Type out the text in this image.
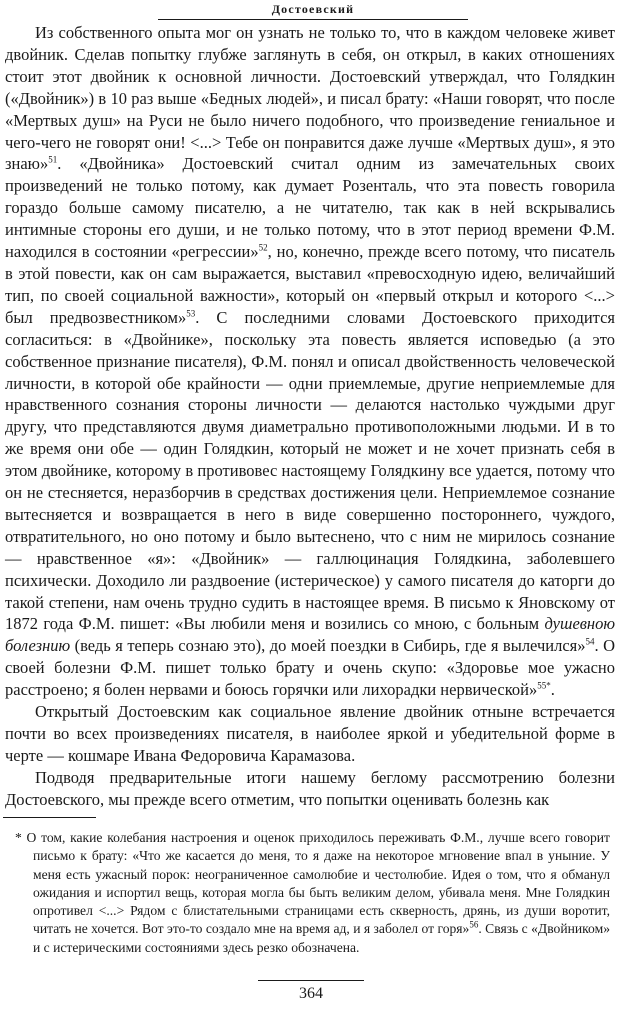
Достоевский

Из собственного опыта мог он узнать не только то, что в каждом человеке живет двойник. Сделав попытку глубже заглянуть в себя, он открыл, в каких отношениях стоит этот двойник к основной личности. Достоевский утверждал, что Голядкин («Двойник») в 10 раз выше «Бедных людей», и писал брату: «Наши говорят, что после «Мертвых душ» на Руси не было ничего подобного, что произведение гениальное и чего-чего не говорят они! <...> Тебе он понравится даже лучше «Мертвых душ», я это знаю»$^{51}$. «Двойника» Достоевский считал одним из замечательных своих произведений не только потому, как думает Розенталь, что эта повесть говорила гораздо больше самому писателю, а не читателю, так как в ней вскрывались интимные стороны его души, и не только потому, что в этот период времени Ф.М. находился в состоянии «регрессии»$^{52}$, но, конечно, прежде всего потому, что писатель в этой повести, как он сам выражается, выставил «превосходную идею, величайший тип, по своей социальной важности», который он «первый открыл и которого <...> был предвозвестником»$^{53}$. С последними словами Достоевского приходится согласиться: в «Двойнике», поскольку эта повесть является исповедью (а это собственное признание писателя), Ф.М. понял и описал двойственность человеческой личности, в которой обе крайности — одни приемлемые, другие неприемлемые для нравственного сознания стороны личности — делаются настолько чуждыми друг другу, что представляются двумя диаметрально противоположными людьми. И в то же время они обе — один Голядкин, который не может и не хочет признать себя в этом двойнике, которому в противовес настоящему Голядкину все удается, потому что он не стесняется, неразборчив в средствах достижения цели. Неприемлемое сознание вытесняется и возвращается в него в виде совершенно постороннего, чуждого, отвратительного, но оно потому и было вытеснено, что с ним не мирилось сознание — нравственное «я»: «Двойник» — галлюцинация Голядкина, заболевшего психически. Доходило ли раздвоение (истерическое) у самого писателя до каторги до такой степени, нам очень трудно судить в настоящее время. В письмо к Яновскому от 1872 года Ф.М. пишет: «Вы любили меня и возились со мною, с больным душевною болезнию (ведь я теперь сознаю это), до моей поездки в Сибирь, где я вылечился»$^{54}$. О своей болезни Ф.М. пишет только брату и очень скупо: «Здоровье мое ужасно расстроено; я болен нервами и боюсь горячки или лихорадки нервической»$^{55*}$.

Открытый Достоевским как социальное явление двойник отныне встречается почти во всех произведениях писателя, в наиболее яркой и убедительной форме в черте — кошмаре Ивана Федоровича Карамазова.

Подводя предварительные итоги нашему беглому рассмотрению болезни Достоевского, мы прежде всего отметим, что попытки оценивать болезнь как

* О том, какие колебания настроения и оценок приходилось переживать Ф.М., лучше всего говорит письмо к брату: «Что же касается до меня, то я даже на некоторое мгновение впал в уныние. У меня есть ужасный порок: неограниченное самолюбие и честолюбие. Идея о том, что я обманул ожидания и испортил вещь, которая могла бы быть великим делом, убивала меня. Мне Голядкин опротивел <...> Рядом с блистательными страницами есть скверность, дрянь, из души воротит, читать не хочется. Вот это-то создало мне на время ад, и я заболел от горя»$^{56}$. Связь с «Двойником» и с истерическими состояниями здесь резко обозначена.
364
